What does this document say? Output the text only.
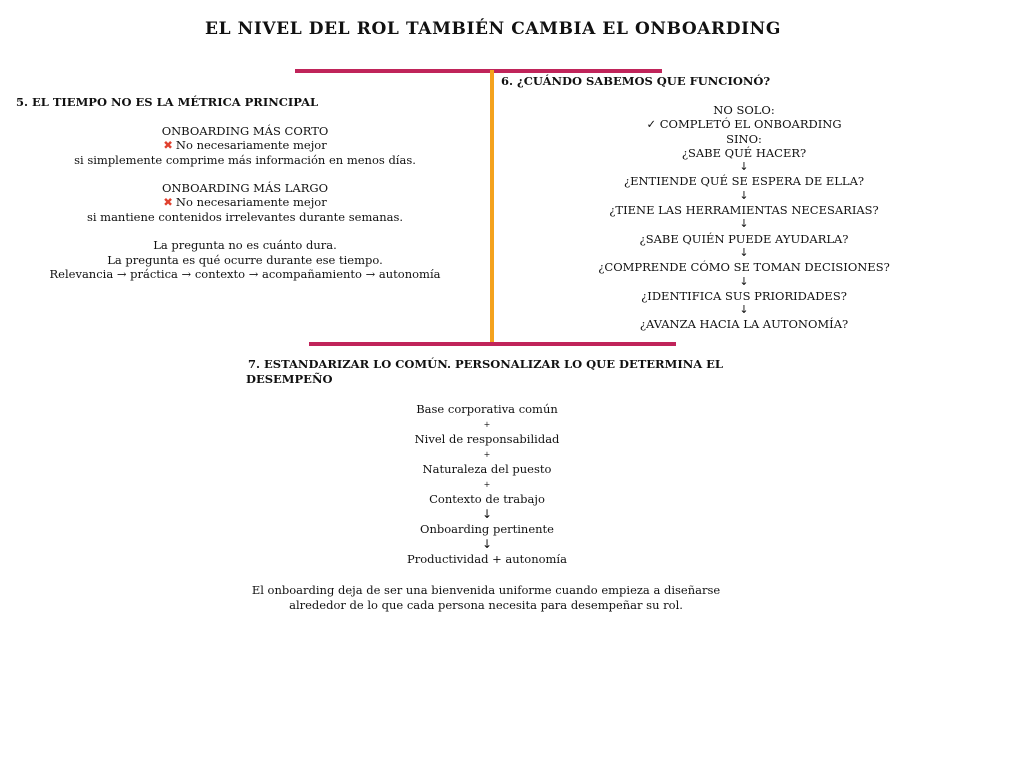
EL NIVEL DEL ROL TAMBIÉN CAMBIA EL ONBOARDING
5. EL TIEMPO NO ES LA MÉTRICA PRINCIPAL
ONBOARDING MÁS CORTO
✖ No necesariamente mejor
si simplemente comprime más información en menos días.
ONBOARDING MÁS LARGO
✖ No necesariamente mejor
si mantiene contenidos irrelevantes durante semanas.
La pregunta no es cuánto dura.
La pregunta es qué ocurre durante ese tiempo.
Relevancia → práctica → contexto → acompañamiento → autonomía
6. ¿CUÁNDO SABEMOS QUE FUNCIONÓ?
NO SOLO:
✓ COMPLETÓ EL ONBOARDING
SINO:
¿SABE QUÉ HACER?
↓
¿ENTIENDE QUÉ SE ESPERA DE ELLA?
↓
¿TIENE LAS HERRAMIENTAS NECESARIAS?
↓
¿SABE QUIÉN PUEDE AYUDARLA?
↓
¿COMPRENDE CÓMO SE TOMAN DECISIONES?
↓
¿IDENTIFICA SUS PRIORIDADES?
↓
¿AVANZA HACIA LA AUTONOMÍA?
7. ESTANDARIZAR LO COMÚN. PERSONALIZAR LO QUE DETERMINA EL
DESEMPEÑO
Base corporativa común
+
Nivel de responsabilidad
+
Naturaleza del puesto
+
Contexto de trabajo
↓
Onboarding pertinente
↓
Productividad + autonomía
El onboarding deja de ser una bienvenida uniforme cuando empieza a diseñarse
alrededor de lo que cada persona necesita para desempeñar su rol.
